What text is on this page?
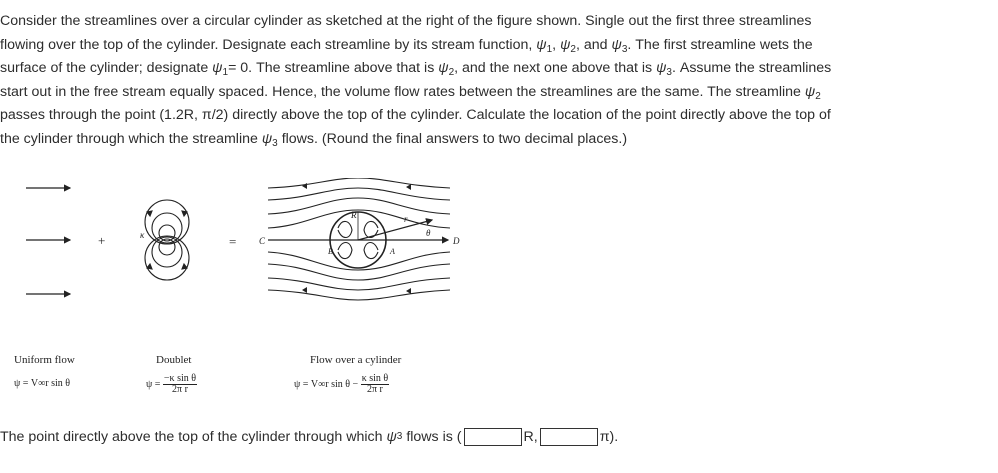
Consider the streamlines over a circular cylinder as sketched at the right of the figure shown. Single out the first three streamlines

flowing over the top of the cylinder. Designate each streamline by its stream function, $\psi_1$, $\psi_2$, and $\psi_3$. The first streamline wets the

surface of the cylinder; designate $\psi_1= 0$. The streamline above that is $\psi_2$, and the next one above that is $\psi_3$. Assume the streamlines

start out in the free stream equally spaced. Hence, the volume flow rates between the streamlines are the same. The streamline $\psi_2$

passes through the point (1.2R, π/2) directly above the top of the cylinder. Calculate the location of the point directly above the top of

the cylinder through which the streamline $\psi_3$ flows. (Round the final answers to two decimal places.)

+	κ	=
R	r
θ
B	A
C	D
Uniform flow
ψ = V∞r sin θ
Doublet
$\psi = \frac{\text{−κ sin θ}}{\text{2π r}}$
Flow over a cylinder
ψ = V∞r $\sin \theta - \frac{\text{κ sin θ}}{\text{2π r}}$
The point directly above the top of the cylinder through which
ψ 3
flows is (	R,	π).
